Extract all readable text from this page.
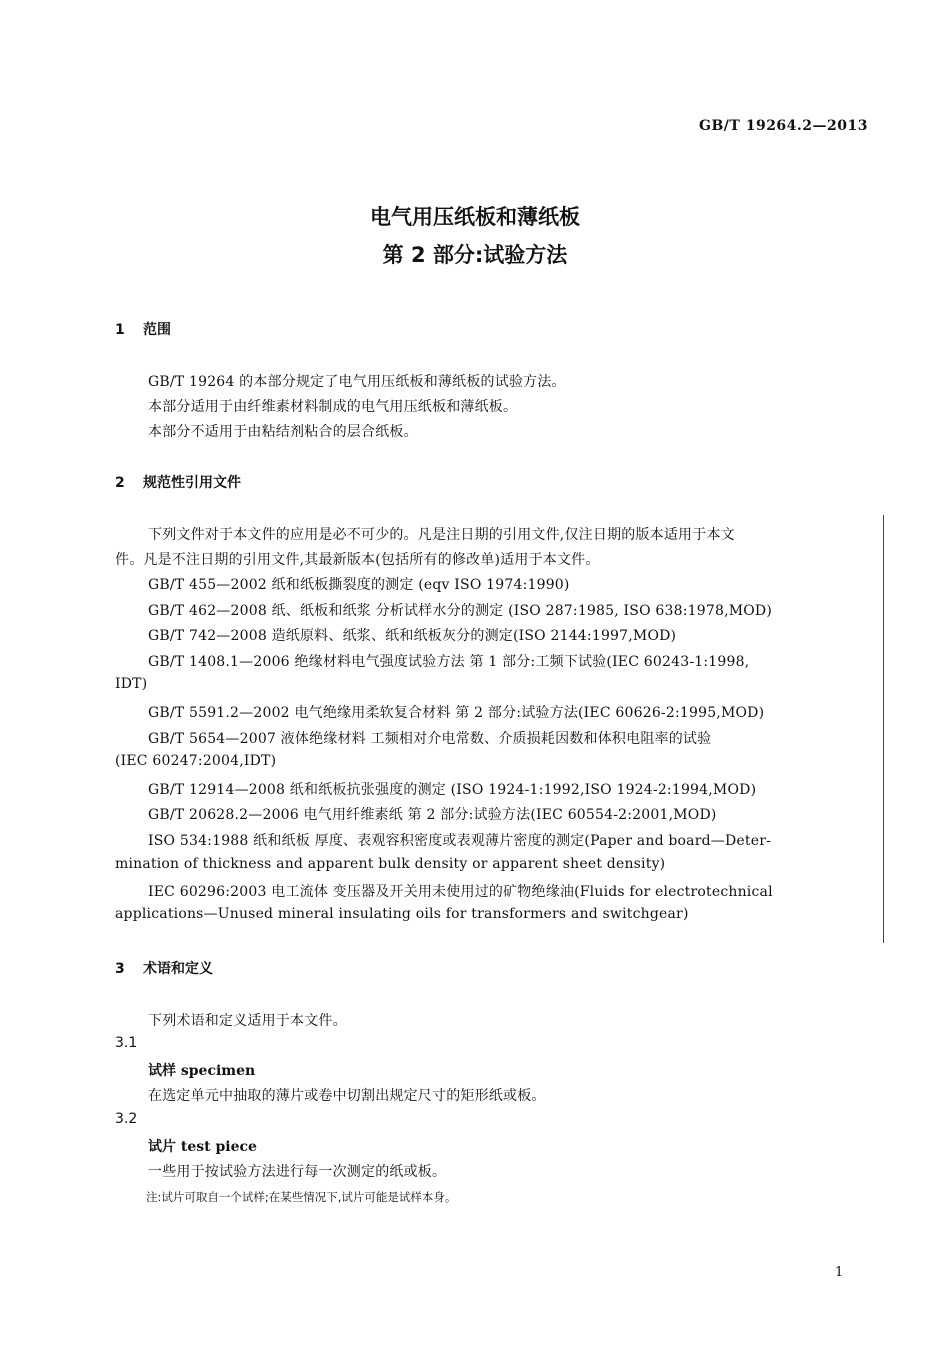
GB/T 19264.2—2013
电气用压纸板和薄纸板
第 2 部分:试验方法
1 范围
GB/T 19264 的本部分规定了电气用压纸板和薄纸板的试验方法。
本部分适用于由纤维素材料制成的电气用压纸板和薄纸板。
本部分不适用于由粘结剂粘合的层合纸板。
2 规范性引用文件
下列文件对于本文件的应用是必不可少的。凡是注日期的引用文件,仅注日期的版本适用于本文
件。凡是不注日期的引用文件,其最新版本(包括所有的修改单)适用于本文件。
GB/T 455—2002 纸和纸板撕裂度的测定 (eqv ISO 1974:1990)
GB/T 462—2008 纸、纸板和纸浆 分析试样水分的测定 (ISO 287:1985, ISO 638:1978,MOD)
GB/T 742—2008 造纸原料、纸浆、纸和纸板灰分的测定(ISO 2144:1997,MOD)
GB/T 1408.1—2006 绝缘材料电气强度试验方法 第 1 部分:工频下试验(IEC 60243-1:1998,
IDT)
GB/T 5591.2—2002 电气绝缘用柔软复合材料 第 2 部分:试验方法(IEC 60626-2:1995,MOD)
GB/T 5654—2007 液体绝缘材料 工频相对介电常数、介质损耗因数和体积电阻率的试验
(IEC 60247:2004,IDT)
GB/T 12914—2008 纸和纸板抗张强度的测定 (ISO 1924-1:1992,ISO 1924-2:1994,MOD)
GB/T 20628.2—2006 电气用纤维素纸 第 2 部分:试验方法(IEC 60554-2:2001,MOD)
ISO 534:1988 纸和纸板 厚度、表观容积密度或表观薄片密度的测定(Paper and board—Deter-
mination of thickness and apparent bulk density or apparent sheet density)
IEC 60296:2003 电工流体 变压器及开关用未使用过的矿物绝缘油(Fluids for electrotechnical
applications—Unused mineral insulating oils for transformers and switchgear)
3 术语和定义
下列术语和定义适用于本文件。
3.1
试样 specimen
在选定单元中抽取的薄片或卷中切割出规定尺寸的矩形纸或板。
3.2
试片 test piece
一些用于按试验方法进行每一次测定的纸或板。
注:试片可取自一个试样;在某些情况下,试片可能是试样本身。
1
